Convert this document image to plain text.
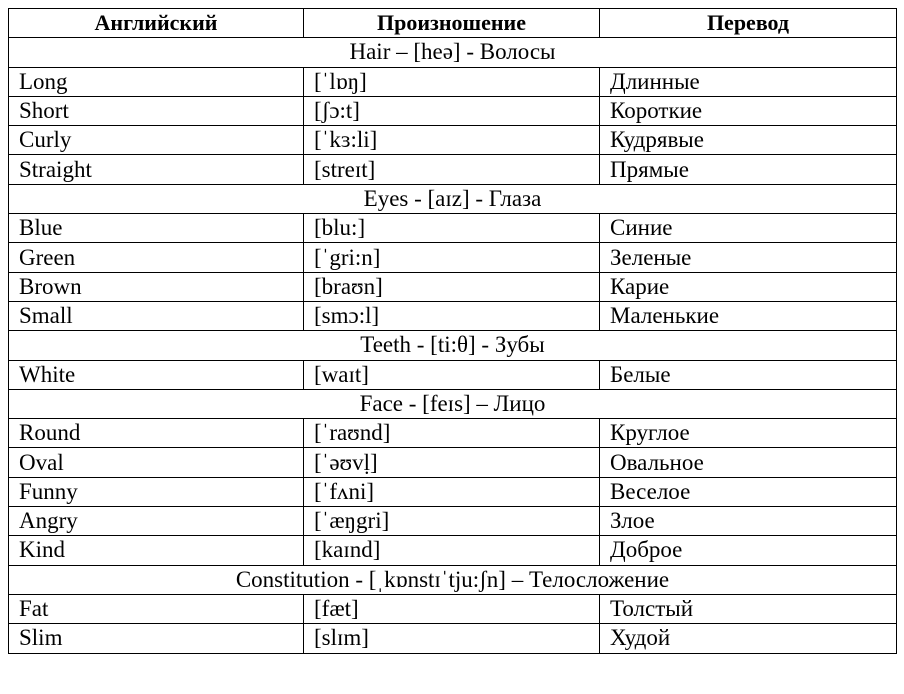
Английский	Произношение	Перевод
Hair – [heə] - Волосы		
Long	[ˈlɒŋ]	Длинные
Short	[ʃɔ:t]	Короткие
Curly	[ˈkɜ:li]	Кудрявые
Straight	[streɪt]	Прямые
Eyes - [aɪz] - Глаза		
Blue	[blu:]	Синие
Green	[ˈgri:n]	Зеленые
Brown	[braʊn]	Карие
Small	[smɔ:l]	Маленькие
Teeth - [ti:θ] - Зубы		
White	[waɪt]	Белые
Face - [feɪs] – Лицо		
Round	[ˈraʊnd]	Круглое
Oval	[ˈəʊvḷ]	Овальное
Funny	[ˈfʌni]	Веселое
Angry	[ˈæŋgri]	Злое
Kind	[kaɪnd]	Доброе
Constitution - [ˌkɒnstɪˈtju:ʃn] – Телосложение		
Fat	[fæt]	Толстый
Slim	[slɪm]	Худой
